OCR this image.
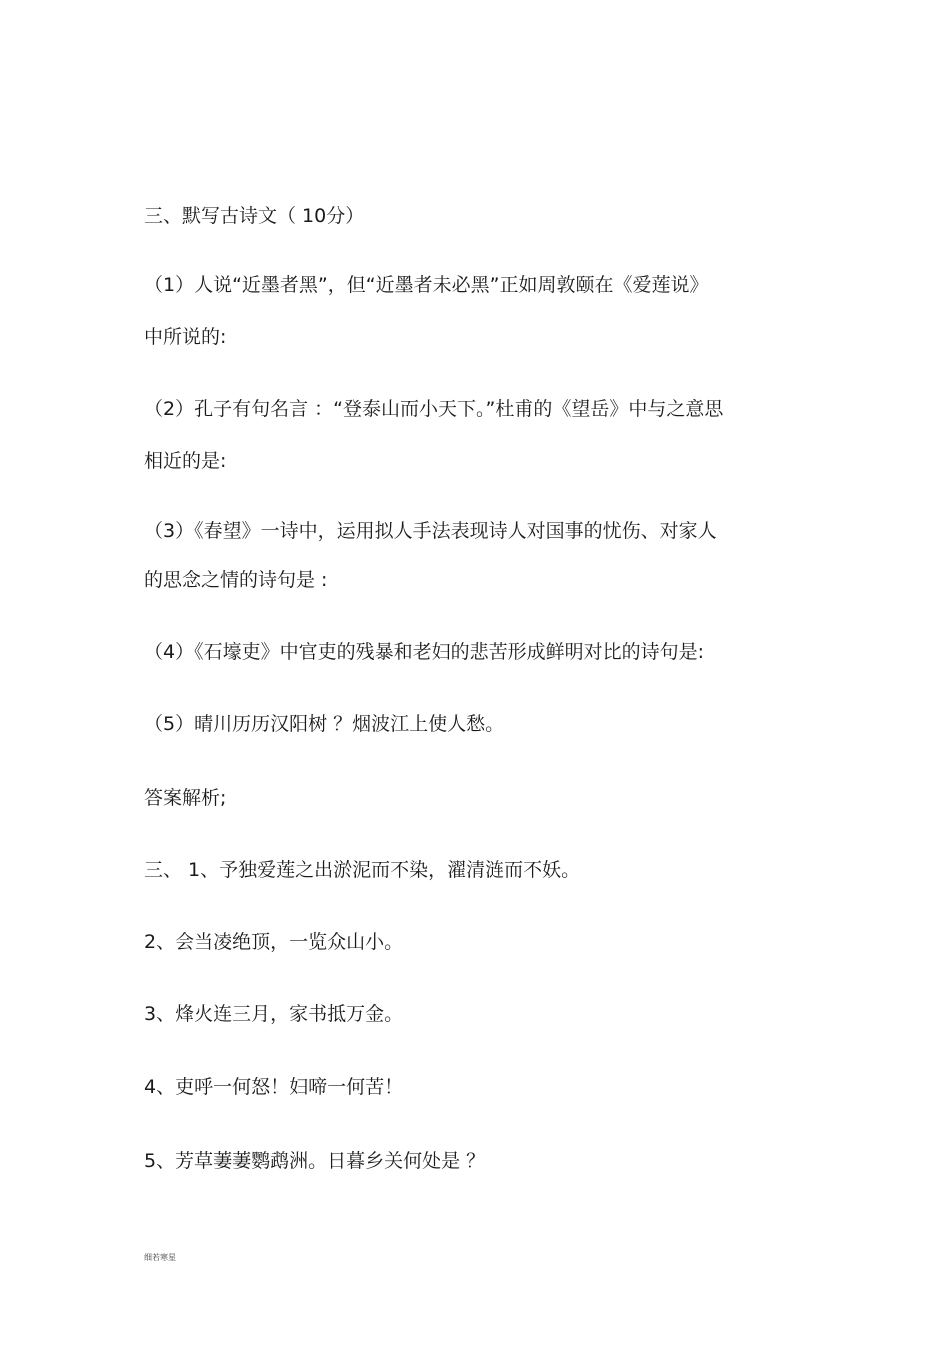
三、默写古诗文（ 10分）
（1）人说“近墨者黑”，但“近墨者未必黑”正如周敦颐在《爱莲说》
中所说的:
（2）孔子有句名言 ：“登泰山而小天下。”杜甫的《望岳》中与之意思
相近的是:
（3）《春望》一诗中，运用拟人手法表现诗人对国事的忧伤、对家人
的思念之情的诗句是 :
（4）《石壕吏》中官吏的残暴和老妇的悲苦形成鲜明对比的诗句是:
（5）晴川历历汉阳树 ？烟波江上使人愁。
答案解析;
三、 1、予独爱莲之出淤泥而不染，濯清涟而不妖。
2、会当凌绝顶，一览众山小。
3、烽火连三月，家书抵万金。
4、吏呼一何怒！妇啼一何苦！
5、芳草萋萋鹦鹉洲。日暮乡关何处是 ？
细若寒星
